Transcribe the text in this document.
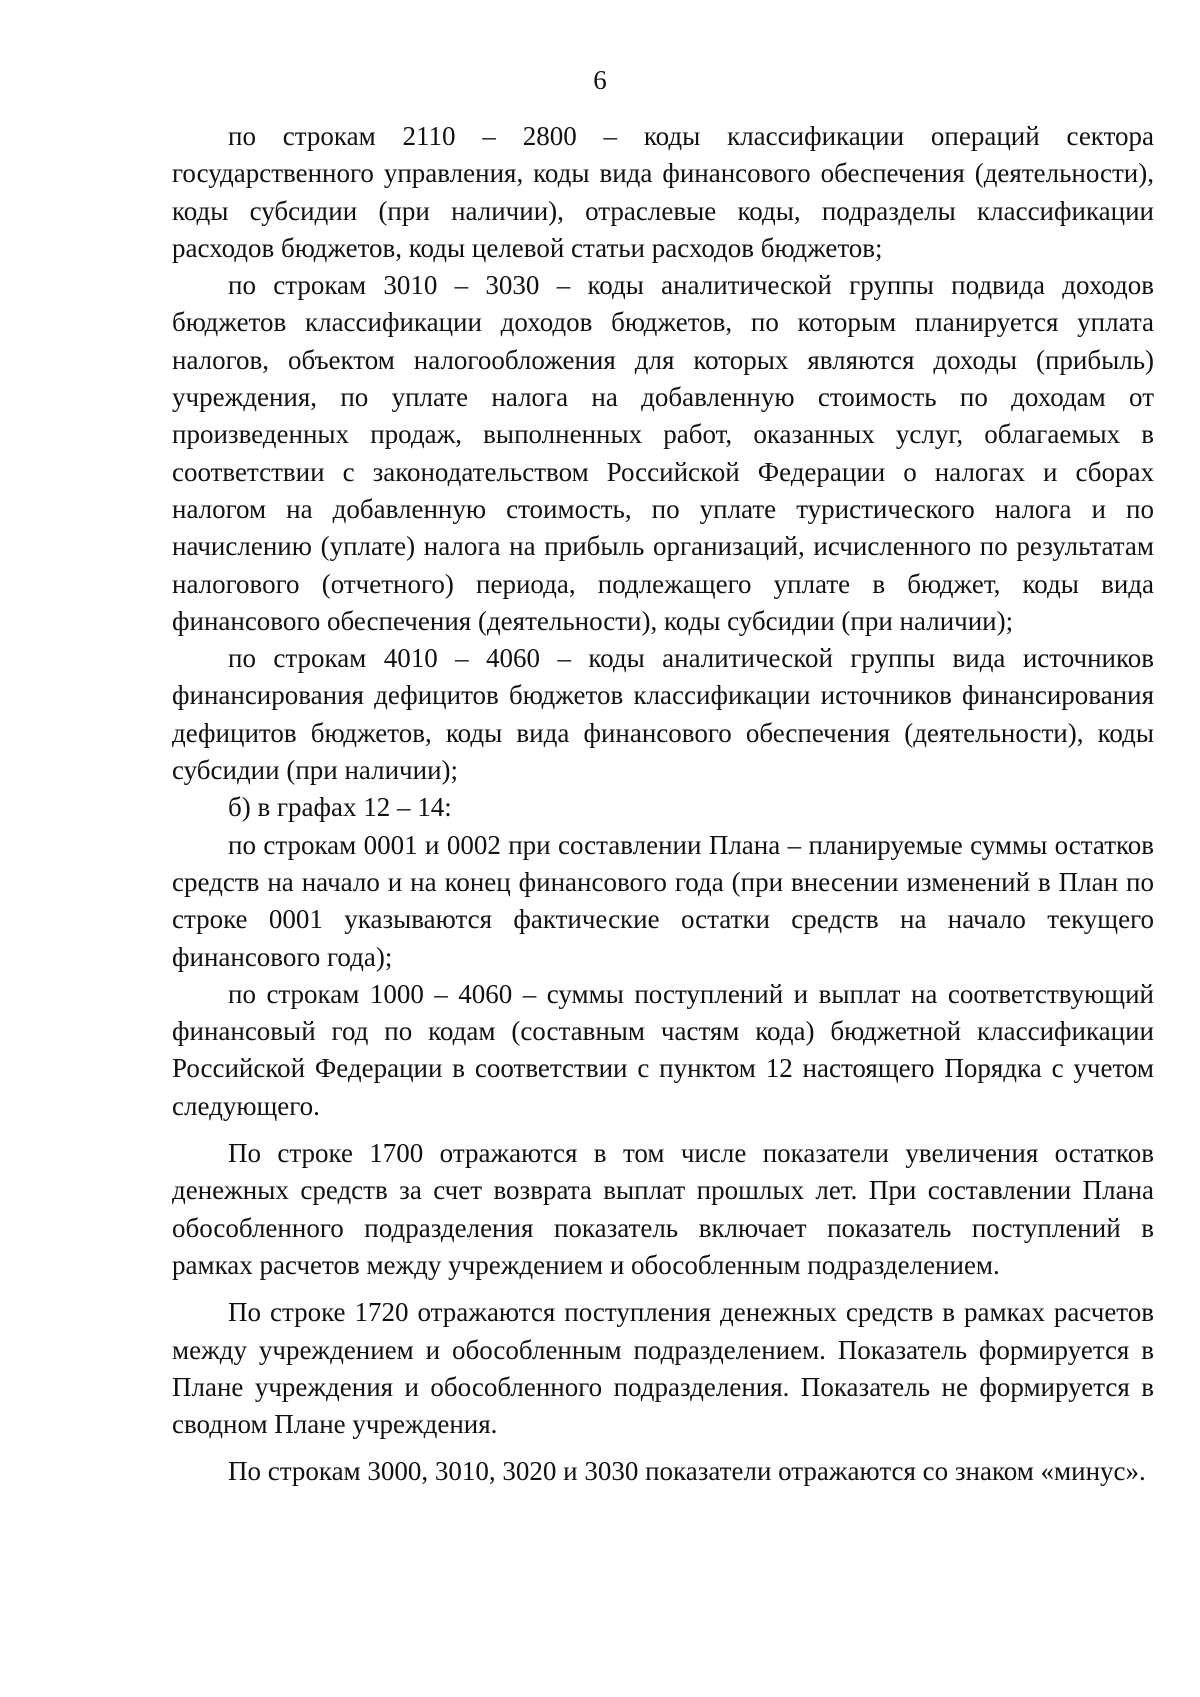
6

по строкам 2110 – 2800 – коды классификации операций сектора государственного управления, коды вида финансового обеспечения (деятельности), коды субсидии (при наличии), отраслевые коды, подразделы классификации расходов бюджетов, коды целевой статьи расходов бюджетов;

по строкам 3010 – 3030 – коды аналитической группы подвида доходов бюджетов классификации доходов бюджетов, по которым планируется уплата налогов, объектом налогообложения для которых являются доходы (прибыль) учреждения, по уплате налога на добавленную стоимость по доходам от произведенных продаж, выполненных работ, оказанных услуг, облагаемых в соответствии с законодательством Российской Федерации о налогах и сборах налогом на добавленную стоимость, по уплате туристического налога и по начислению (уплате) налога на прибыль организаций, исчисленного по результатам налогового (отчетного) периода, подлежащего уплате в бюджет, коды вида финансового обеспечения (деятельности), коды субсидии (при наличии);

по строкам 4010 – 4060 – коды аналитической группы вида источников финансирования дефицитов бюджетов классификации источников финансирования дефицитов бюджетов, коды вида финансового обеспечения (деятельности), коды субсидии (при наличии);

б) в графах 12 – 14:

по строкам 0001 и 0002 при составлении Плана – планируемые суммы остатков средств на начало и на конец финансового года (при внесении изменений в План по строке 0001 указываются фактические остатки средств на начало текущего финансового года);

по строкам 1000 – 4060 – суммы поступлений и выплат на соответствующий финансовый год по кодам (составным частям кода) бюджетной классификации Российской Федерации в соответствии с пунктом 12 настоящего Порядка с учетом следующего.

По строке 1700 отражаются в том числе показатели увеличения остатков денежных средств за счет возврата выплат прошлых лет. При составлении Плана обособленного подразделения показатель включает показатель поступлений в рамках расчетов между учреждением и обособленным подразделением.

По строке 1720 отражаются поступления денежных средств в рамках расчетов между учреждением и обособленным подразделением. Показатель формируется в Плане учреждения и обособленного подразделения. Показатель не формируется в сводном Плане учреждения.

По строкам 3000, 3010, 3020 и 3030 показатели отражаются со знаком «минус».
